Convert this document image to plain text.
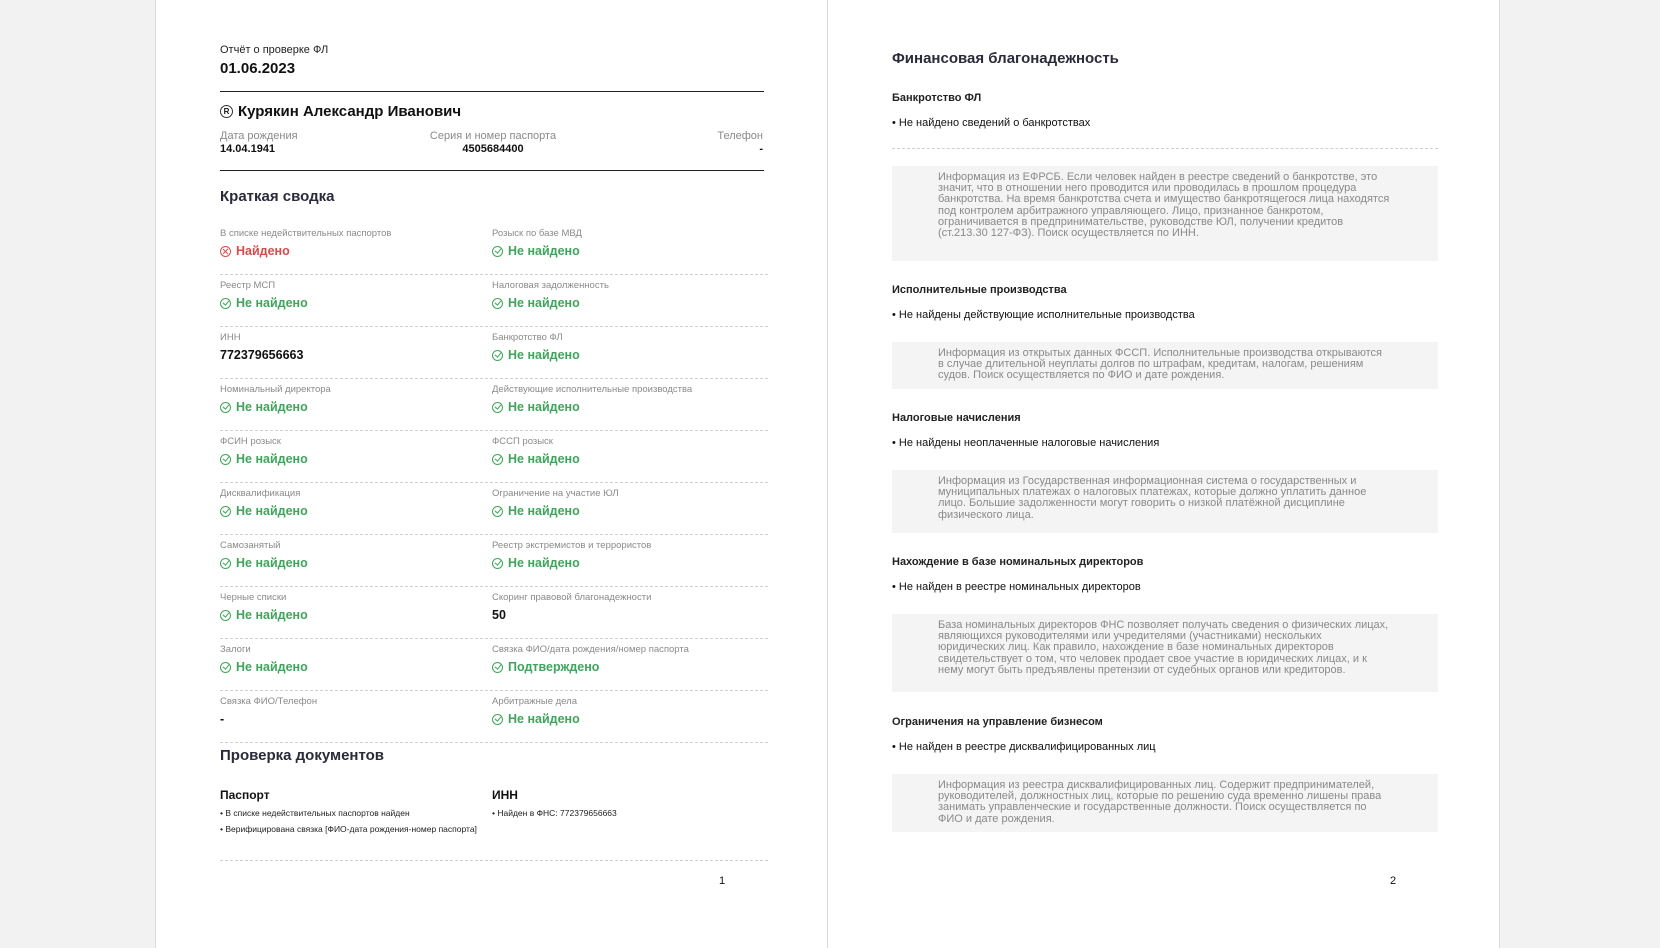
Отчёт о проверке ФЛ
01.06.2023
R Курякин Александр Иванович
Дата рождения
14.04.1941
Серия и номер паспорта
4505684400
Телефон
-
Краткая сводка
В списке недействительных паспортов
Найдено
Розыск по базе МВД
Не найдено
Реестр МСП
Не найдено
Налоговая задолженность
Не найдено
ИНН
772379656663
Банкротство ФЛ
Не найдено
Номинальный директора
Не найдено
Действующие исполнительные производства
Не найдено
ФСИН розыск
Не найдено
ФССП розыск
Не найдено
Дисквалификация
Не найдено
Ограничение на участие ЮЛ
Не найдено
Самозанятый
Не найдено
Реестр экстремистов и террористов
Не найдено
Черные списки
Не найдено
Скоринг правовой благонадежности
50
Залоги
Не найдено
Связка ФИО/дата рождения/номер паспорта
Подтверждено
Связка ФИО/Телефон
-
Арбитражные дела
Не найдено
Проверка документов
Паспорт
• В списке недействительных паспортов найден
• Верифицирована связка [ФИО-дата рождения-номер паспорта]
ИНН
• Найден в ФНС: 772379656663
1
Финансовая благонадежность
Банкротство ФЛ
• Не найдено сведений о банкротствах
Информация из ЕФРСБ. Если человек найден в реестре сведений о банкротстве, это значит, что в отношении него проводится или проводилась в прошлом процедура банкротства. На время банкротства счета и имущество банкротящегося лица находятся под контролем арбитражного управляющего. Лицо, признанное банкротом, ограничивается в предпринимательстве, руководстве ЮЛ, получении кредитов (ст.213.30 127-ФЗ). Поиск осуществляется по ИНН.
Исполнительные производства
• Не найдены действующие исполнительные производства
Информация из открытых данных ФССП. Исполнительные производства открываются в случае длительной неуплаты долгов по штрафам, кредитам, налогам, решениям судов. Поиск осуществляется по ФИО и дате рождения.
Налоговые начисления
• Не найдены неоплаченные налоговые начисления
Информация из Государственная информационная система о государственных и муниципальных платежах о налоговых платежах, которые должно уплатить данное лицо. Большие задолженности могут говорить о низкой платёжной дисциплине физического лица.
Нахождение в базе номинальных директоров
• Не найден в реестре номинальных директоров
База номинальных директоров ФНС позволяет получать сведения о физических лицах, являющихся руководителями или учредителями (участниками) нескольких юридических лиц. Как правило, нахождение в базе номинальных директоров свидетельствует о том, что человек продает свое участие в юридических лицах, и к нему могут быть предъявлены претензии от судебных органов или кредиторов.
Ограничения на управление бизнесом
• Не найден в реестре дисквалифицированных лиц
Информация из реестра дисквалифицированных лиц. Содержит предпринимателей, руководителей, должностных лиц, которые по решению суда временно лишены права занимать управленческие и государственные должности. Поиск осуществляется по ФИО и дате рождения.
2
